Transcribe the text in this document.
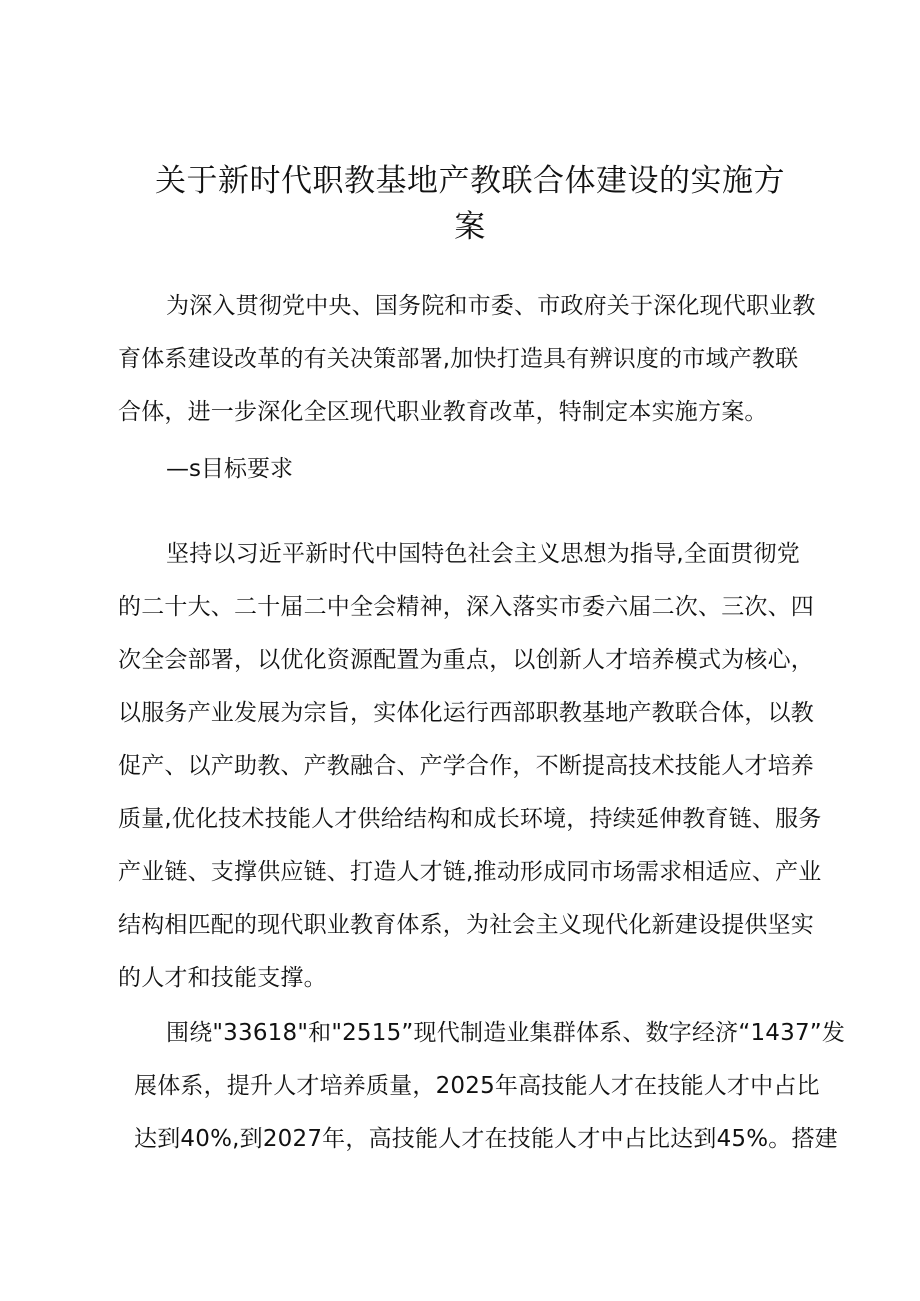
关于新时代职教基地产教联合体建设的实施方
案

为深入贯彻党中央、国务院和市委、市政府关于深化现代职业教
育体系建设改革的有关决策部署,加快打造具有辨识度的市域产教联
合体，进一步深化全区现代职业教育改革，特制定本实施方案。

—s目标要求

坚持以习近平新时代中国特色社会主义思想为指导,全面贯彻党
的二十大、二十届二中全会精神，深入落实市委六届二次、三次、四
次全会部署，以优化资源配置为重点，以创新人才培养模式为核心，
以服务产业发展为宗旨，实体化运行西部职教基地产教联合体，以教
促产、以产助教、产教融合、产学合作，不断提高技术技能人才培养
质量,优化技术技能人才供给结构和成长环境，持续延伸教育链、服务
产业链、支撑供应链、打造人才链,推动形成同市场需求相适应、产业
结构相匹配的现代职业教育体系，为社会主义现代化新建设提供坚实
的人才和技能支撑。

围绕"33618"和"2515”现代制造业集群体系、数字经济“1437”发
展体系，提升人才培养质量，2025年高技能人才在技能人才中占比
达到40%,到2027年，高技能人才在技能人才中占比达到45%。搭建
